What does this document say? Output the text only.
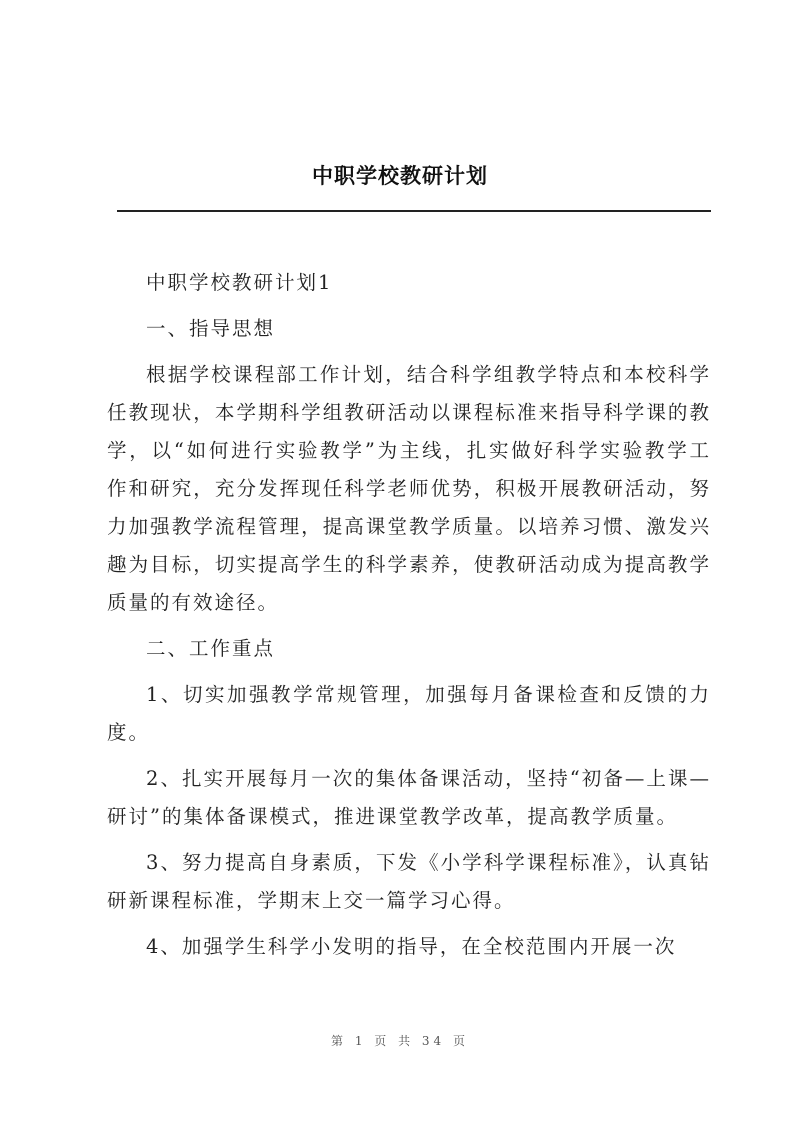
中职学校教研计划

中职学校教研计划1

一、指导思想

根据学校课程部工作计划，结合科学组教学特点和本校科学任教现状，本学期科学组教研活动以课程标准来指导科学课的教学，以“如何进行实验教学”为主线，扎实做好科学实验教学工作和研究，充分发挥现任科学老师优势，积极开展教研活动，努力加强教学流程管理，提高课堂教学质量。以培养习惯、激发兴趣为目标，切实提高学生的科学素养，使教研活动成为提高教学质量的有效途径。

二、工作重点

1、切实加强教学常规管理，加强每月备课检查和反馈的力度。

2、扎实开展每月一次的集体备课活动，坚持“初备—上课—研讨”的集体备课模式，推进课堂教学改革，提高教学质量。

3、努力提高自身素质，下发《小学科学课程标准》，认真钻研新课程标准，学期末上交一篇学习心得。

4、加强学生科学小发明的指导，在全校范围内开展一次

第 1 页 共 34 页
